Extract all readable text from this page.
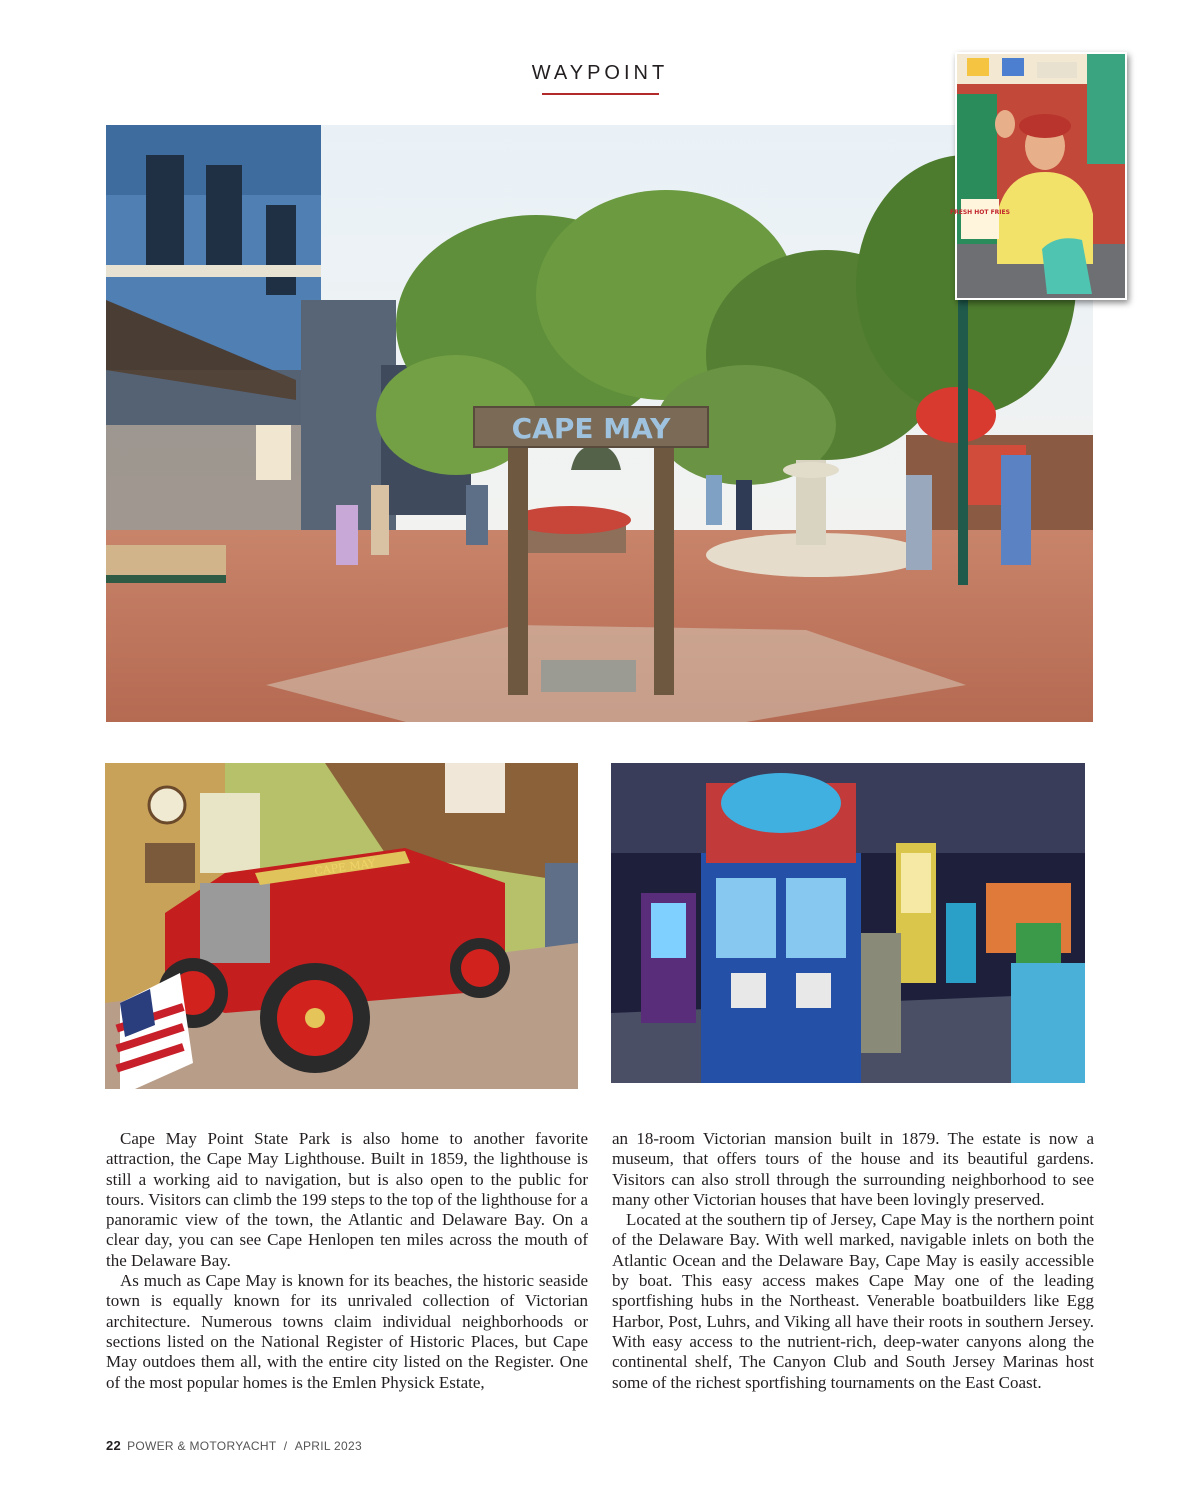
WAYPOINT
CAPE MAY
FRESH HOT FRIES
CAPE MAY

Cape May Point State Park is also home to another favorite attraction, the Cape May Lighthouse. Built in 1859, the lighthouse is still a working aid to navigation, but is also open to the public for tours. Visitors can climb the 199 steps to the top of the lighthouse for a panoramic view of the town, the Atlantic and Delaware Bay. On a clear day, you can see Cape Henlopen ten miles across the mouth of the Delaware Bay.

As much as Cape May is known for its beaches, the historic seaside town is equally known for its unrivaled collection of Victorian architecture. Numerous towns claim individual neighborhoods or sections listed on the National Register of Historic Places, but Cape May outdoes them all, with the entire city listed on the Register. One of the most popular homes is the Emlen Physick Estate,

an 18-room Victorian mansion built in 1879. The estate is now a museum, that offers tours of the house and its beautiful gardens. Visitors can also stroll through the surrounding neighborhood to see many other Victorian houses that have been lovingly preserved.

Located at the southern tip of Jersey, Cape May is the northern point of the Delaware Bay. With well marked, navigable inlets on both the Atlantic Ocean and the Delaware Bay, Cape May is easily accessible by boat. This easy access makes Cape May one of the leading sportfishing hubs in the Northeast. Venerable boatbuilders like Egg Harbor, Post, Luhrs, and Viking all have their roots in southern Jersey. With easy access to the nutrient-rich, deep-water canyons along the continental shelf, The Canyon Club and South Jersey Marinas host some of the richest sportfishing tournaments on the East Coast.

22 POWER & MOTORYACHT / APRIL 2023
